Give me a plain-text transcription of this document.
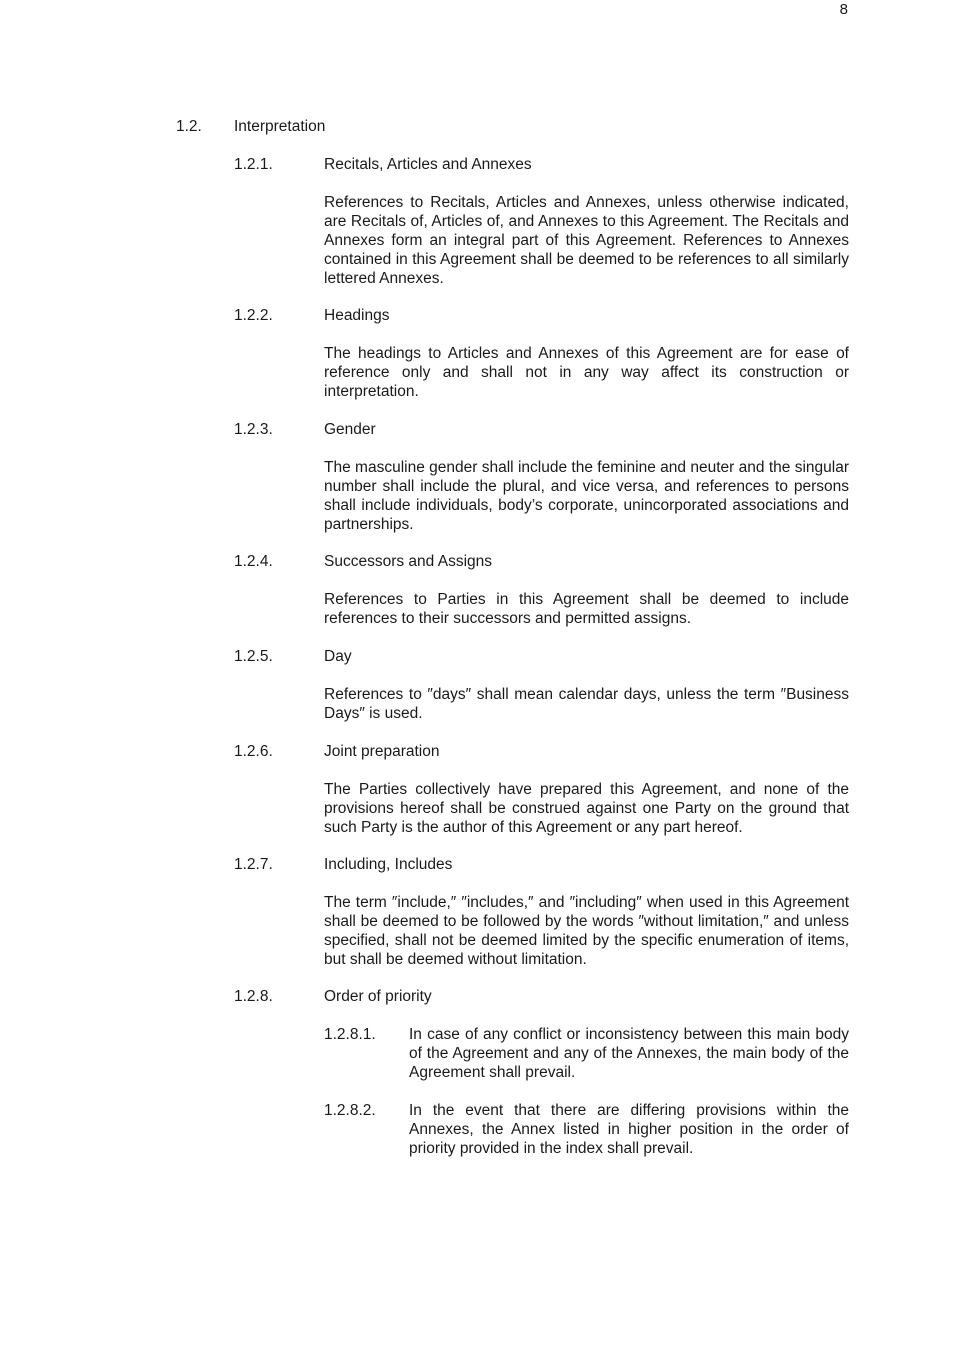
8
1.2. Interpretation
1.2.1.	Recitals, Articles and Annexes
References to Recitals, Articles and Annexes, unless otherwise indicated, are Recitals of, Articles of, and Annexes to this Agreement. The Recitals and Annexes form an integral part of this Agreement. References to Annexes contained in this Agreement shall be deemed to be references to all similarly lettered Annexes.
1.2.2.	Headings
The headings to Articles and Annexes of this Agreement are for ease of reference only and shall not in any way affect its construction or interpretation.
1.2.3.	Gender
The masculine gender shall include the feminine and neuter and the singular number shall include the plural, and vice versa, and references to persons shall include individuals, body’s corporate, unincorporated associations and partnerships.
1.2.4.	Successors and Assigns
References to Parties in this Agreement shall be deemed to include references to their successors and permitted assigns.
1.2.5.	Day
References to ″days″ shall mean calendar days, unless the term ″Business Days″ is used.
1.2.6.	Joint preparation
The Parties collectively have prepared this Agreement, and none of the provisions hereof shall be construed against one Party on the ground that such Party is the author of this Agreement or any part hereof.
1.2.7.	Including, Includes
The term ″include,″ ″includes,″ and ″including″ when used in this Agreement shall be deemed to be followed by the words ″without limitation,″ and unless specified, shall not be deemed limited by the specific enumeration of items, but shall be deemed without limitation.
1.2.8.	Order of priority
1.2.8.1. In case of any conflict or inconsistency between this main body of the Agreement and any of the Annexes, the main body of the Agreement shall prevail.
1.2.8.2. In the event that there are differing provisions within the Annexes, the Annex listed in higher position in the order of priority provided in the index shall prevail.
